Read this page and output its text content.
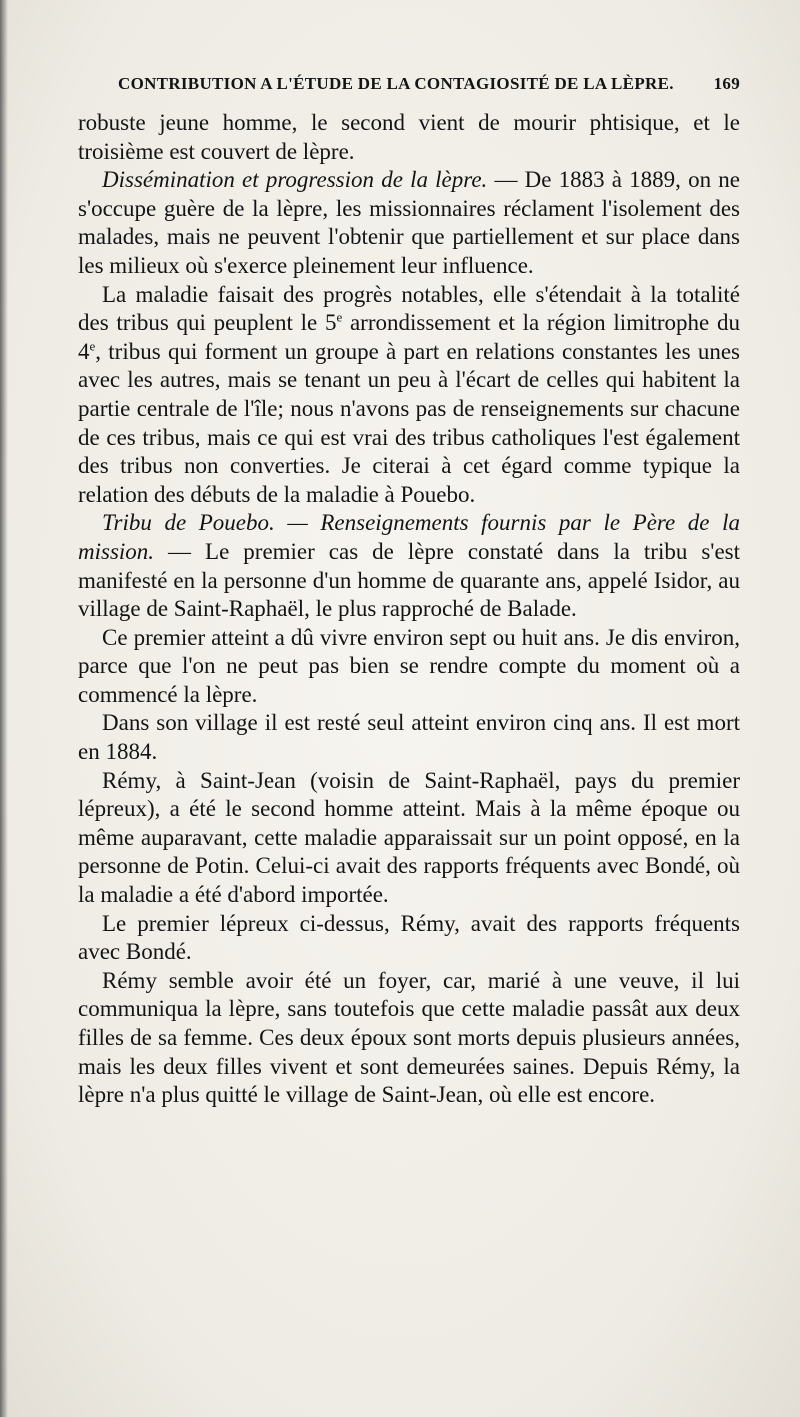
CONTRIBUTION A L'ÉTUDE DE LA CONTAGIOSITÉ DE LA LÈPRE. 169

robuste jeune homme, le second vient de mourir phtisique, et le troisième est couvert de lèpre.

Dissémination et progression de la lèpre. — De 1883 à 1889, on ne s'occupe guère de la lèpre, les missionnaires réclament l'isolement des malades, mais ne peuvent l'obtenir que partiellement et sur place dans les milieux où s'exerce pleinement leur influence.

La maladie faisait des progrès notables, elle s'étendait à la totalité des tribus qui peuplent le 5e arrondissement et la région limitrophe du 4e, tribus qui forment un groupe à part en relations constantes les unes avec les autres, mais se tenant un peu à l'écart de celles qui habitent la partie centrale de l'île; nous n'avons pas de renseignements sur chacune de ces tribus, mais ce qui est vrai des tribus catholiques l'est également des tribus non converties. Je citerai à cet égard comme typique la relation des débuts de la maladie à Pouebo.

Tribu de Pouebo. — Renseignements fournis par le Père de la mission. — Le premier cas de lèpre constaté dans la tribu s'est manifesté en la personne d'un homme de quarante ans, appelé Isidor, au village de Saint-Raphaël, le plus rapproché de Balade.

Ce premier atteint a dû vivre environ sept ou huit ans. Je dis environ, parce que l'on ne peut pas bien se rendre compte du moment où a commencé la lèpre.

Dans son village il est resté seul atteint environ cinq ans. Il est mort en 1884.

Rémy, à Saint-Jean (voisin de Saint-Raphaël, pays du premier lépreux), a été le second homme atteint. Mais à la même époque ou même auparavant, cette maladie apparaissait sur un point opposé, en la personne de Potin. Celui-ci avait des rapports fréquents avec Bondé, où la maladie a été d'abord importée.

Le premier lépreux ci-dessus, Rémy, avait des rapports fréquents avec Bondé.

Rémy semble avoir été un foyer, car, marié à une veuve, il lui communiqua la lèpre, sans toutefois que cette maladie passât aux deux filles de sa femme. Ces deux époux sont morts depuis plusieurs années, mais les deux filles vivent et sont demeurées saines. Depuis Rémy, la lèpre n'a plus quitté le village de Saint-Jean, où elle est encore.
